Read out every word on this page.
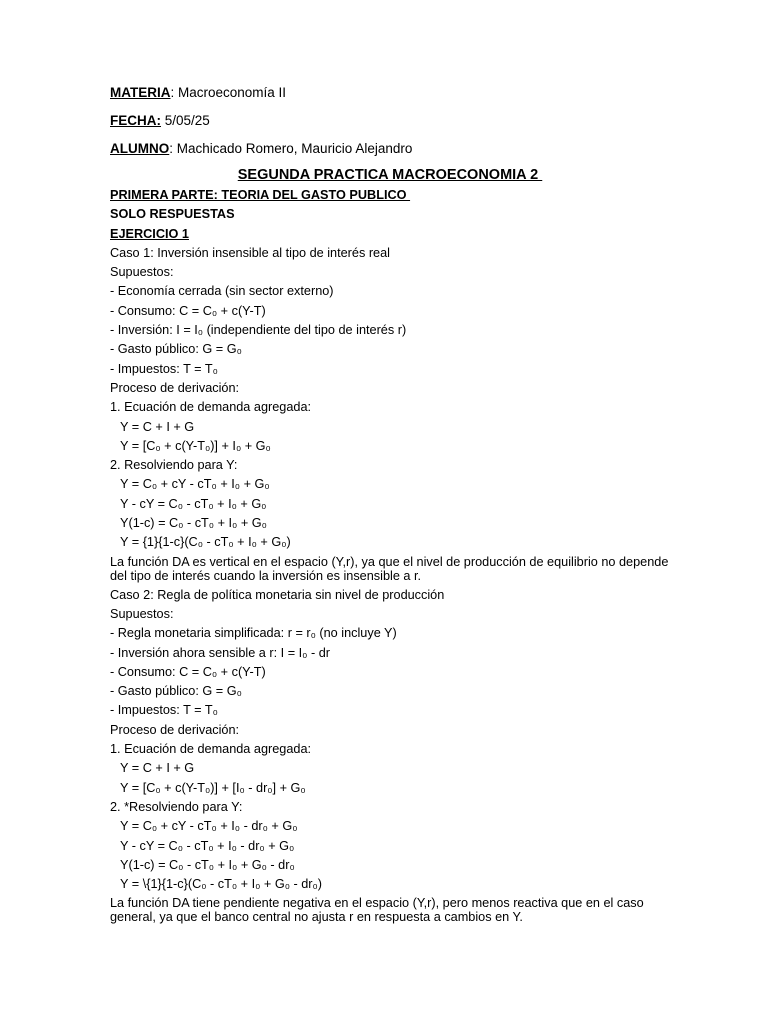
MATERIA: Macroeconomía II
FECHA: 5/05/25
ALUMNO: Machicado Romero, Mauricio Alejandro
SEGUNDA PRACTICA MACROECONOMIA 2
PRIMERA PARTE: TEORIA DEL GASTO PUBLICO
SOLO RESPUESTAS
EJERCICIO 1
Caso 1: Inversión insensible al tipo de interés real
Supuestos:
- Economía cerrada (sin sector externo)
- Consumo: C = C₀ + c(Y-T)
- Inversión: I = I₀ (independiente del tipo de interés r)
- Gasto público: G = G₀
- Impuestos: T = T₀
Proceso de derivación:
1. Ecuación de demanda agregada:
Y = C + I + G
Y = [C₀ + c(Y-T₀)] + I₀ + G₀
2. Resolviendo para Y:
Y = C₀ + cY - cT₀ + I₀ + G₀
Y - cY = C₀ - cT₀ + I₀ + G₀
Y(1-c) = C₀ - cT₀ + I₀ + G₀
Y = {1}{1-c}(C₀ - cT₀ + I₀ + G₀)
La función DA es vertical en el espacio (Y,r), ya que el nivel de producción de equilibrio no depende del tipo de interés cuando la inversión es insensible a r.
Caso 2: Regla de política monetaria sin nivel de producción
Supuestos:
- Regla monetaria simplificada: r = r₀ (no incluye Y)
- Inversión ahora sensible a r: I = I₀ - dr
- Consumo: C = C₀ + c(Y-T)
- Gasto público: G = G₀
- Impuestos: T = T₀
Proceso de derivación:
1. Ecuación de demanda agregada:
Y = C + I + G
Y = [C₀ + c(Y-T₀)] + [I₀ - dr₀] + G₀
2. *Resolviendo para Y:
Y = C₀ + cY - cT₀ + I₀ - dr₀ + G₀
Y - cY = C₀ - cT₀ + I₀ - dr₀ + G₀
Y(1-c) = C₀ - cT₀ + I₀ + G₀ - dr₀
Y = \{1}{1-c}(C₀ - cT₀ + I₀ + G₀ - dr₀)
La función DA tiene pendiente negativa en el espacio (Y,r), pero menos reactiva que en el caso general, ya que el banco central no ajusta r en respuesta a cambios en Y.
